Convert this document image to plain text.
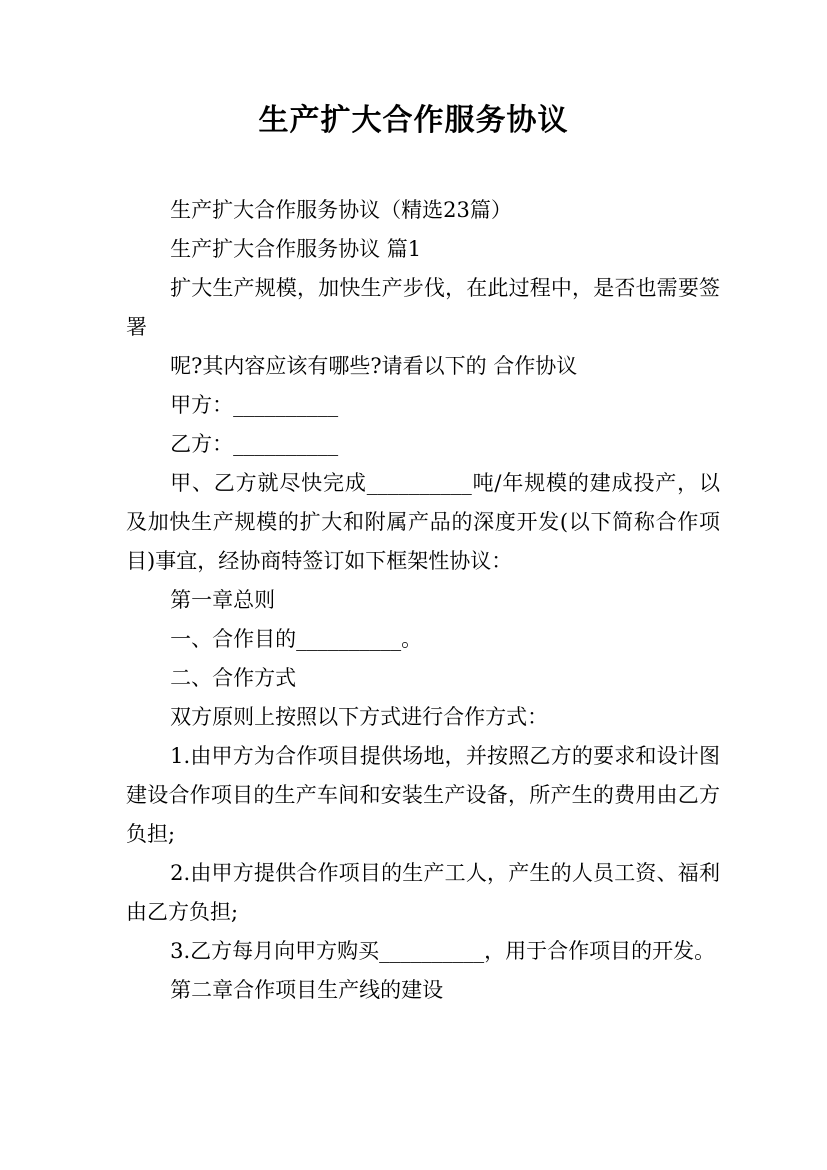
生产扩大合作服务协议

生产扩大合作服务协议（精选23篇）

生产扩大合作服务协议 篇1

扩大生产规模，加快生产步伐，在此过程中，是否也需要签署

呢?其内容应该有哪些?请看以下的 合作协议

甲方：__________

乙方：__________

甲、乙方就尽快完成__________吨/年规模的建成投产，以及加快生产规模的扩大和附属产品的深度开发(以下简称合作项目)事宜，经协商特签订如下框架性协议：

第一章总则

一、合作目的__________。

二、合作方式

双方原则上按照以下方式进行合作方式：

1.由甲方为合作项目提供场地，并按照乙方的要求和设计图建设合作项目的生产车间和安装生产设备，所产生的费用由乙方负担;

2.由甲方提供合作项目的生产工人，产生的人员工资、福利由乙方负担;

3.乙方每月向甲方购买__________，用于合作项目的开发。

第二章合作项目生产线的建设
